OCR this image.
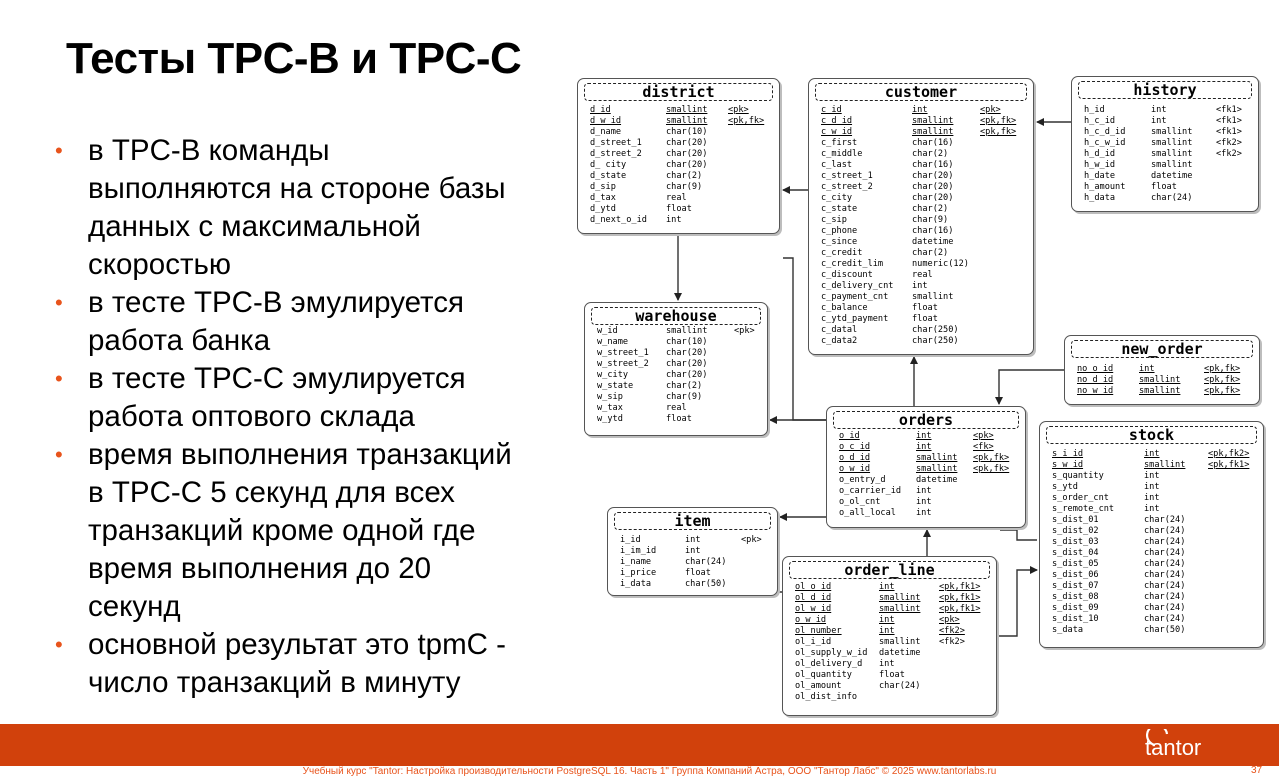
Тесты TPC-B и TPC-C
• в TPC-B команды
выполняются на стороне базы
данных с максимальной
скоростью
• в тесте TPC-B эмулируется
работа банка
• в тесте TPC-C эмулируется
работа оптового склада
• время выполнения транзакций
в TPC-C 5 секунд для всех
транзакций кроме одной где
время выполнения до 20
секунд
• основной результат это tpmC -
число транзакций в минуту
district
d_id	smallint <pk>
d_w_id	smallint <pk,fk>
d_name	char(10)
d_street_1	char(20)
d_street_2	char(20)
d_ city	char(20)
d_state	char(2)
d_sip	char(9)
d_tax	real
d_ytd	float
d_next_o_id int
customer
c_id	int	<pk>
c_d_id	smallint	<pk,fk>
c_w_id	smallint	<pk,fk>
c_first	char(16)
c_middle	char(2)
c_last	char(16)
c_street_1	char(20)
c_street_2	char(20)
c_city	char(20)
c_state	char(2)
c_sip	char(9)
c_phone	char(16)
c_since	datetime
c_credit	char(2)
c_credit_lim	numeric(12)
c_discount	real
c_delivery_cnt int
c_payment_cnt	smallint
c_balance	float
c_ytd_payment	float
c_datal	char(250)
c_data2	char(250)
history
h_id	int	<fk1>
h_c_id	int	<fk1>
h_c_d_id	smallint	<fk1>
h_c_w_id	smallint	<fk2>
h_d_id	smallint	<fk2>
h_w_id	smallint
h_date	datetime
h_amount	float
h_data	char(24)
warehouse
w_id	smallint	<pk>
w_name	char(10)
w_street_1 char(20)
w_street_2 char(20)
w_city	char(20)
w_state	char(2)
w_sip	char(9)
w_tax	real
w_ytd	float
new_order
no_o_id	int	<pk,fk>
no_d_id	smallint	<pk,fk>
no_w_id	smallint	<pk,fk>
orders
o_id	int	<pk>
o_c_id	int	<fk>
o_d_id	smallint <pk,fk>
o_w_id	smallint <pk,fk>
o_entry_d	datetime
o_carrier_id int
o_ol_cnt	int
o_all_local int
stock
s_i_id	int	<pk,fk2>
s_w_id	smallint	<pk,fk1>
s_quantity	int
s_ytd	int
s_order_cnt	int
s_remote_cnt	int
s_dist_01	char(24)
s_dist_02	char(24)
s_dist_03	char(24)
s_dist_04	char(24)
s_dist_05	char(24)
s_dist_06	char(24)
s_dist_07	char(24)
s_dist_08	char(24)
s_dist_09	char(24)
s_dist_10	char(24)
s_data	char(50)
item
i_id	int	<pk>
i_im_id	int
i_name	char(24)
i_price	float
i_data	char(50)
order_line
ol_o_id	int	<pk,fk1>
ol_d_id	smallint <pk,fk1>
ol_w_id	smallint <pk,fk1>
o_w_id	int	<pk>
ol_number	int	<fk2>
ol_i_id	smallint <fk2>
ol_supply_w_id datetime
ol_delivery_d int
ol_quantity	float
ol_amount	char(24)
ol_dist_info
tantor
Учебный курс "Tantor: Настройка производительности PostgreSQL 16. Часть 1" Группа Компаний Астра, ООО "Тантор Лабс" © 2025 www.tantorlabs.ru	37
